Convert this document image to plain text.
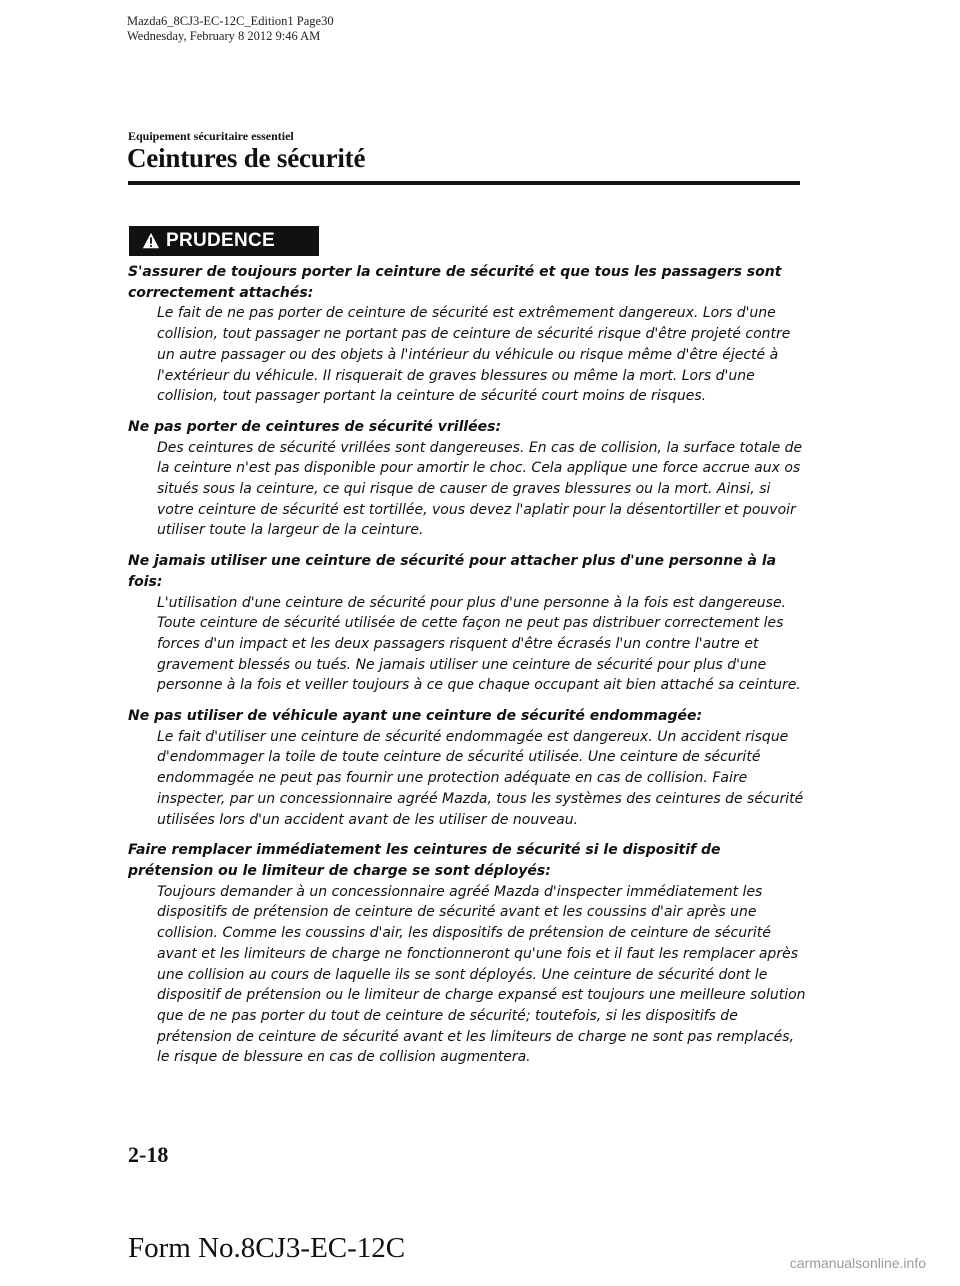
Mazda6_8CJ3-EC-12C_Edition1 Page30
Wednesday, February 8 2012 9:46 AM
Equipement sécuritaire essentiel
Ceintures de sécurité
PRUDENCE
S'assurer de toujours porter la ceinture de sécurité et que tous les passagers sont correctement attachés:
Le fait de ne pas porter de ceinture de sécurité est extrêmement dangereux. Lors d'une collision, tout passager ne portant pas de ceinture de sécurité risque d'être projeté contre un autre passager ou des objets à l'intérieur du véhicule ou risque même d'être éjecté à l'extérieur du véhicule. Il risquerait de graves blessures ou même la mort. Lors d'une collision, tout passager portant la ceinture de sécurité court moins de risques.
Ne pas porter de ceintures de sécurité vrillées:
Des ceintures de sécurité vrillées sont dangereuses. En cas de collision, la surface totale de la ceinture n'est pas disponible pour amortir le choc. Cela applique une force accrue aux os situés sous la ceinture, ce qui risque de causer de graves blessures ou la mort. Ainsi, si votre ceinture de sécurité est tortillée, vous devez l'aplatir pour la désentortiller et pouvoir utiliser toute la largeur de la ceinture.
Ne jamais utiliser une ceinture de sécurité pour attacher plus d'une personne à la fois:
L'utilisation d'une ceinture de sécurité pour plus d'une personne à la fois est dangereuse. Toute ceinture de sécurité utilisée de cette façon ne peut pas distribuer correctement les forces d'un impact et les deux passagers risquent d'être écrasés l'un contre l'autre et gravement blessés ou tués. Ne jamais utiliser une ceinture de sécurité pour plus d'une personne à la fois et veiller toujours à ce que chaque occupant ait bien attaché sa ceinture.
Ne pas utiliser de véhicule ayant une ceinture de sécurité endommagée:
Le fait d'utiliser une ceinture de sécurité endommagée est dangereux. Un accident risque d'endommager la toile de toute ceinture de sécurité utilisée. Une ceinture de sécurité endommagée ne peut pas fournir une protection adéquate en cas de collision. Faire inspecter, par un concessionnaire agréé Mazda, tous les systèmes des ceintures de sécurité utilisées lors d'un accident avant de les utiliser de nouveau.
Faire remplacer immédiatement les ceintures de sécurité si le dispositif de prétension ou le limiteur de charge se sont déployés:
Toujours demander à un concessionnaire agréé Mazda d'inspecter immédiatement les dispositifs de prétension de ceinture de sécurité avant et les coussins d'air après une collision. Comme les coussins d'air, les dispositifs de prétension de ceinture de sécurité avant et les limiteurs de charge ne fonctionneront qu'une fois et il faut les remplacer après une collision au cours de laquelle ils se sont déployés. Une ceinture de sécurité dont le dispositif de prétension ou le limiteur de charge expansé est toujours une meilleure solution que de ne pas porter du tout de ceinture de sécurité; toutefois, si les dispositifs de prétension de ceinture de sécurité avant et les limiteurs de charge ne sont pas remplacés, le risque de blessure en cas de collision augmentera.
2-18
Form No.8CJ3-EC-12C	carmanualsonline.info
